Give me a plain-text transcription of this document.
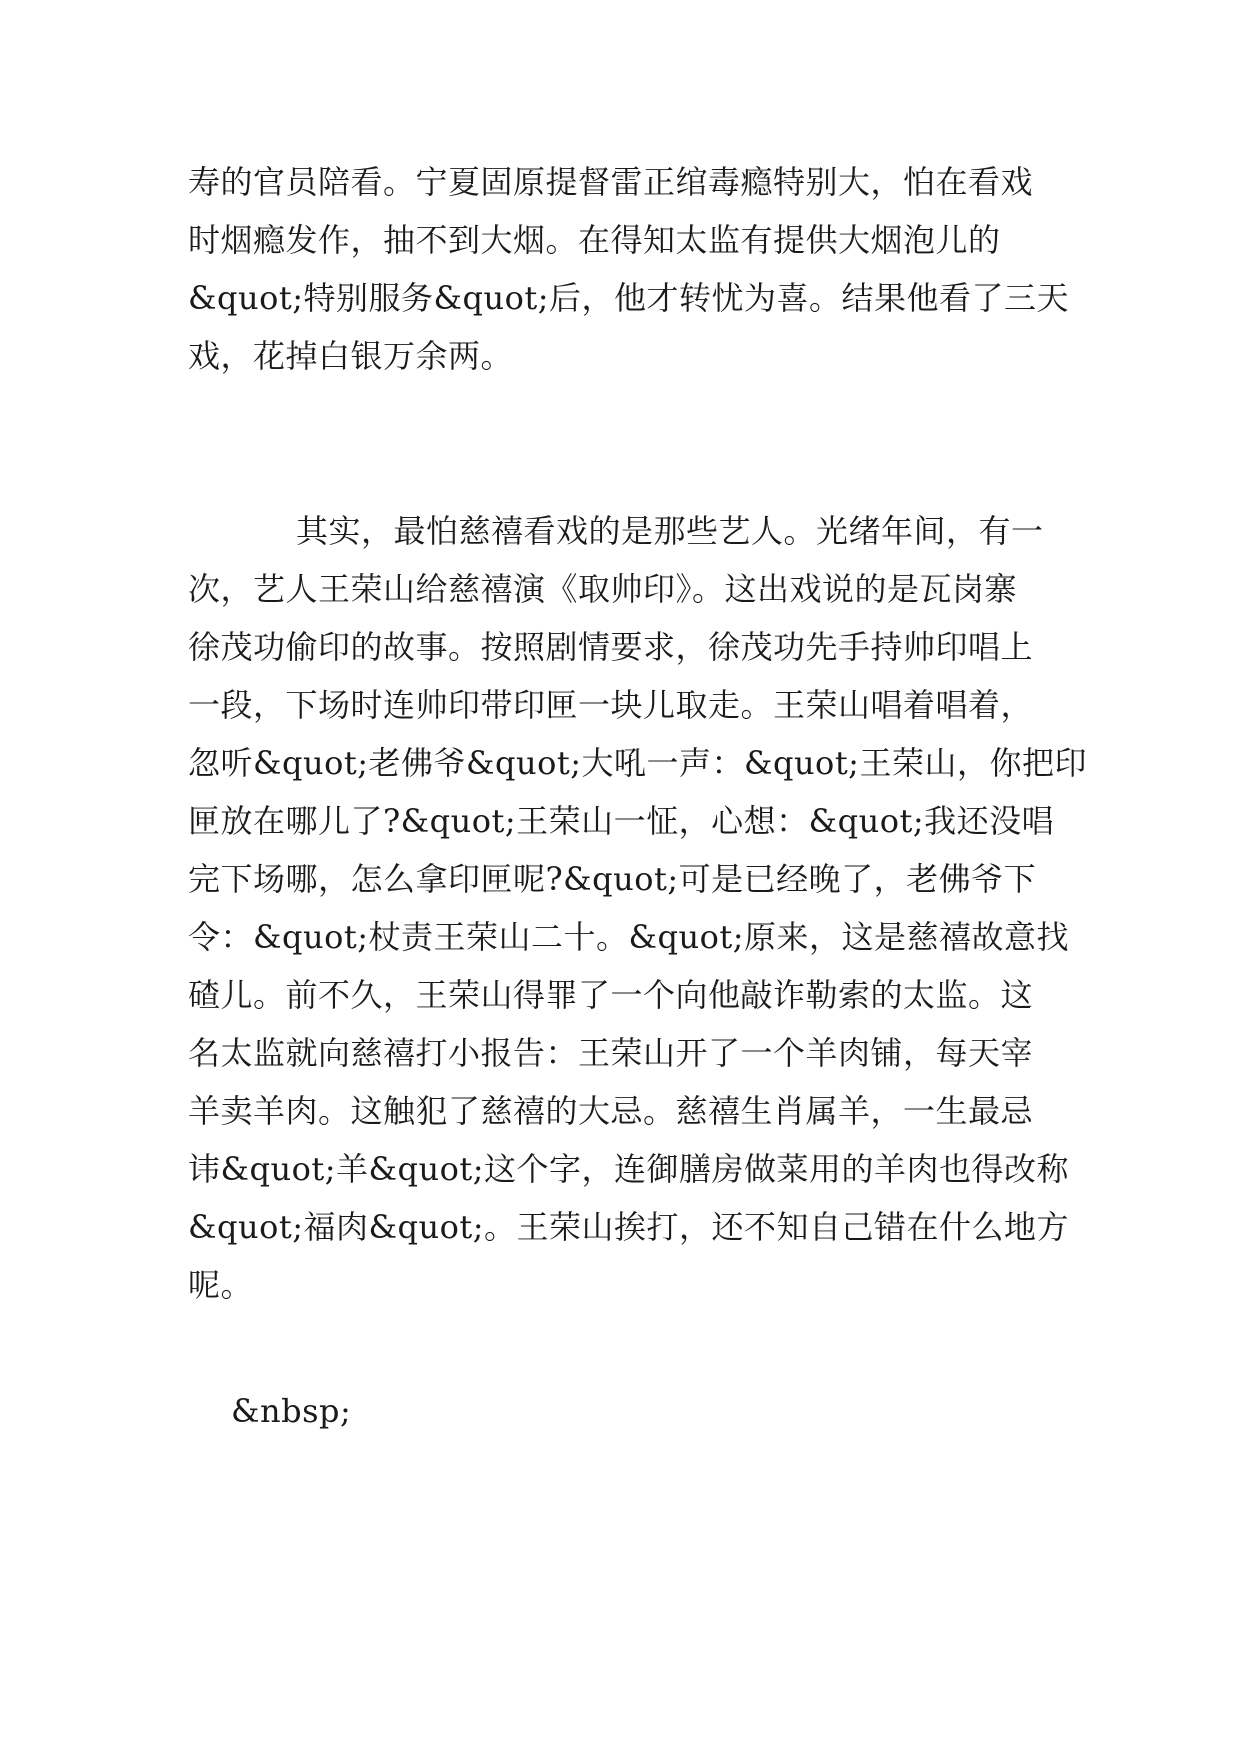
寿的官员陪看。宁夏固原提督雷正绾毒瘾特别大，怕在看戏

时烟瘾发作，抽不到大烟。在得知太监有提供大烟泡儿的

&quot;特别服务&quot;后，他才转忧为喜。结果他看了三天

戏，花掉白银万余两。

其实，最怕慈禧看戏的是那些艺人。光绪年间，有一

次，艺人王荣山给慈禧演《取帅印》。这出戏说的是瓦岗寨

徐茂功偷印的故事。按照剧情要求，徐茂功先手持帅印唱上

一段，下场时连帅印带印匣一块儿取走。王荣山唱着唱着，

忽听&quot;老佛爷&quot;大吼一声：&quot;王荣山，你把印

匣放在哪儿了?&quot;王荣山一怔，心想：&quot;我还没唱

完下场哪，怎么拿印匣呢?&quot;可是已经晚了，老佛爷下

令：&quot;杖责王荣山二十。&quot;原来，这是慈禧故意找

碴儿。前不久，王荣山得罪了一个向他敲诈勒索的太监。这

名太监就向慈禧打小报告：王荣山开了一个羊肉铺，每天宰

羊卖羊肉。这触犯了慈禧的大忌。慈禧生肖属羊，一生最忌

讳&quot;羊&quot;这个字，连御膳房做菜用的羊肉也得改称

&quot;福肉&quot;。王荣山挨打，还不知自己错在什么地方

呢。

&nbsp;
